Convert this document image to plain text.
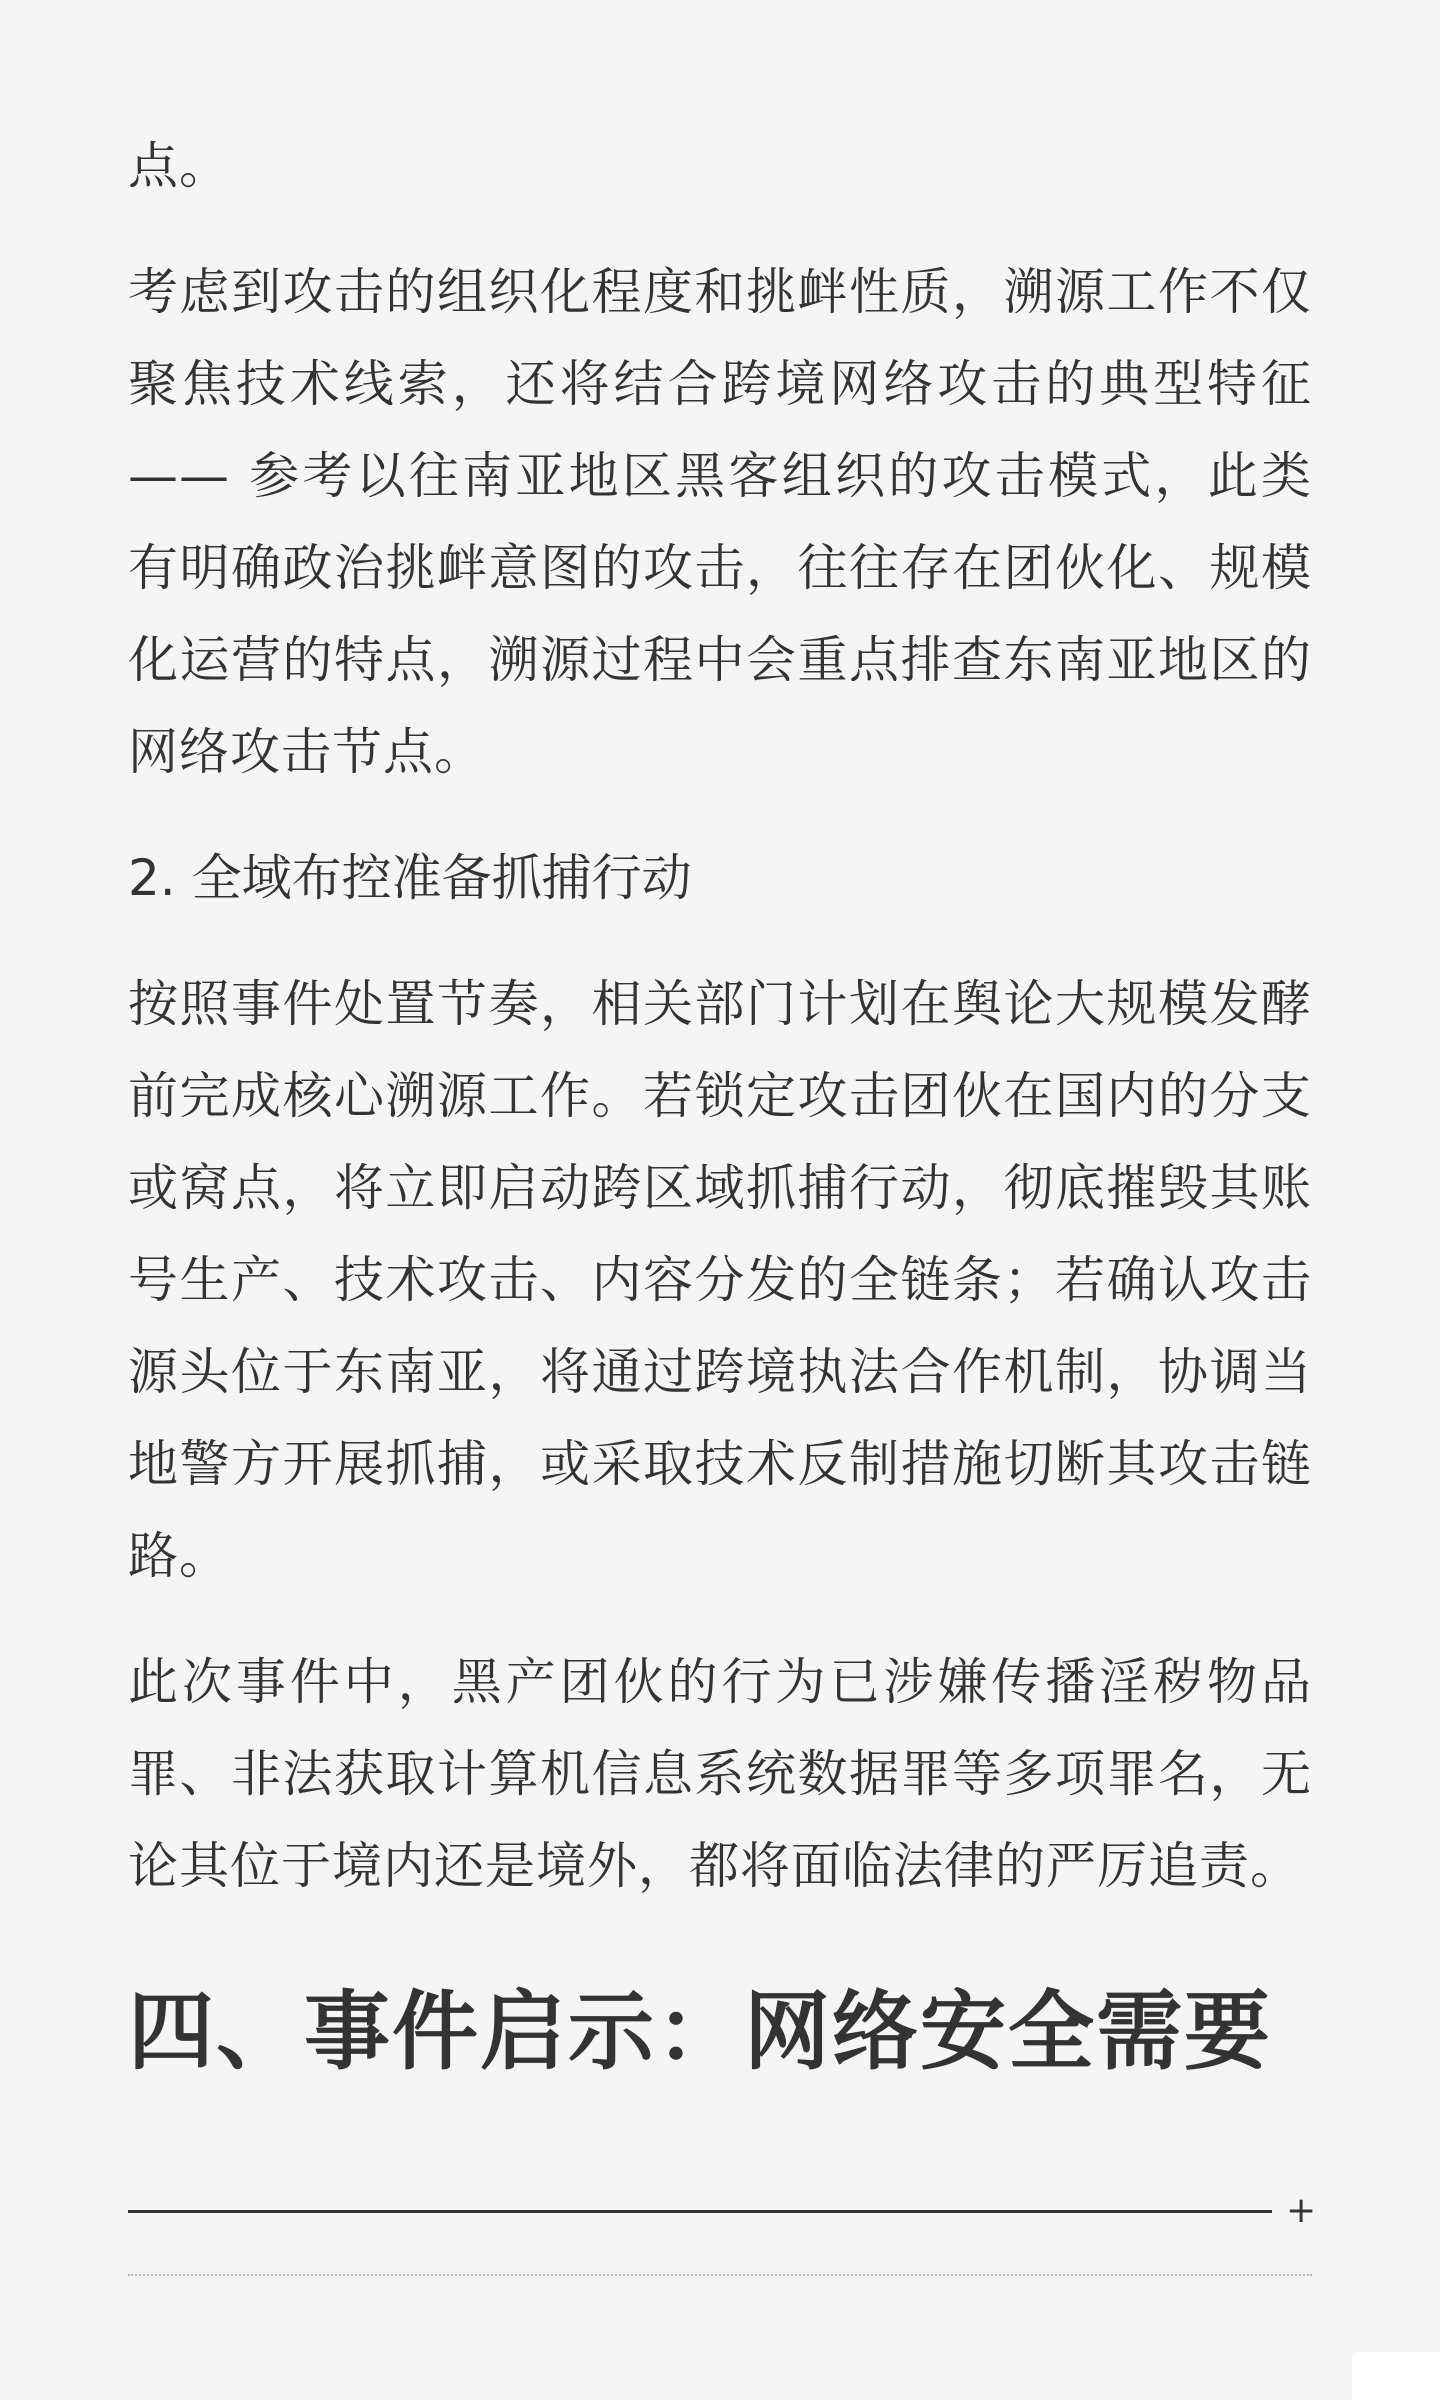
点。

考虑到攻击的组织化程度和挑衅性质，溯源工作不仅聚焦技术线索，还将结合跨境网络攻击的典型特征 —— 参考以往南亚地区黑客组织的攻击模式，此类有明确政治挑衅意图的攻击，往往存在团伙化、规模化运营的特点，溯源过程中会重点排查东南亚地区的网络攻击节点。

2. 全域布控准备抓捕行动

按照事件处置节奏，相关部门计划在舆论大规模发酵前完成核心溯源工作。若锁定攻击团伙在国内的分支或窝点，将立即启动跨区域抓捕行动，彻底摧毁其账号生产、技术攻击、内容分发的全链条；若确认攻击源头位于东南亚，将通过跨境执法合作机制，协调当地警方开展抓捕，或采取技术反制措施切断其攻击链路。

此次事件中，黑产团伙的行为已涉嫌传播淫秽物品罪、非法获取计算机信息系统数据罪等多项罪名，无论其位于境内还是境外，都将面临法律的严厉追责。

四、事件启示：网络安全需要
+
